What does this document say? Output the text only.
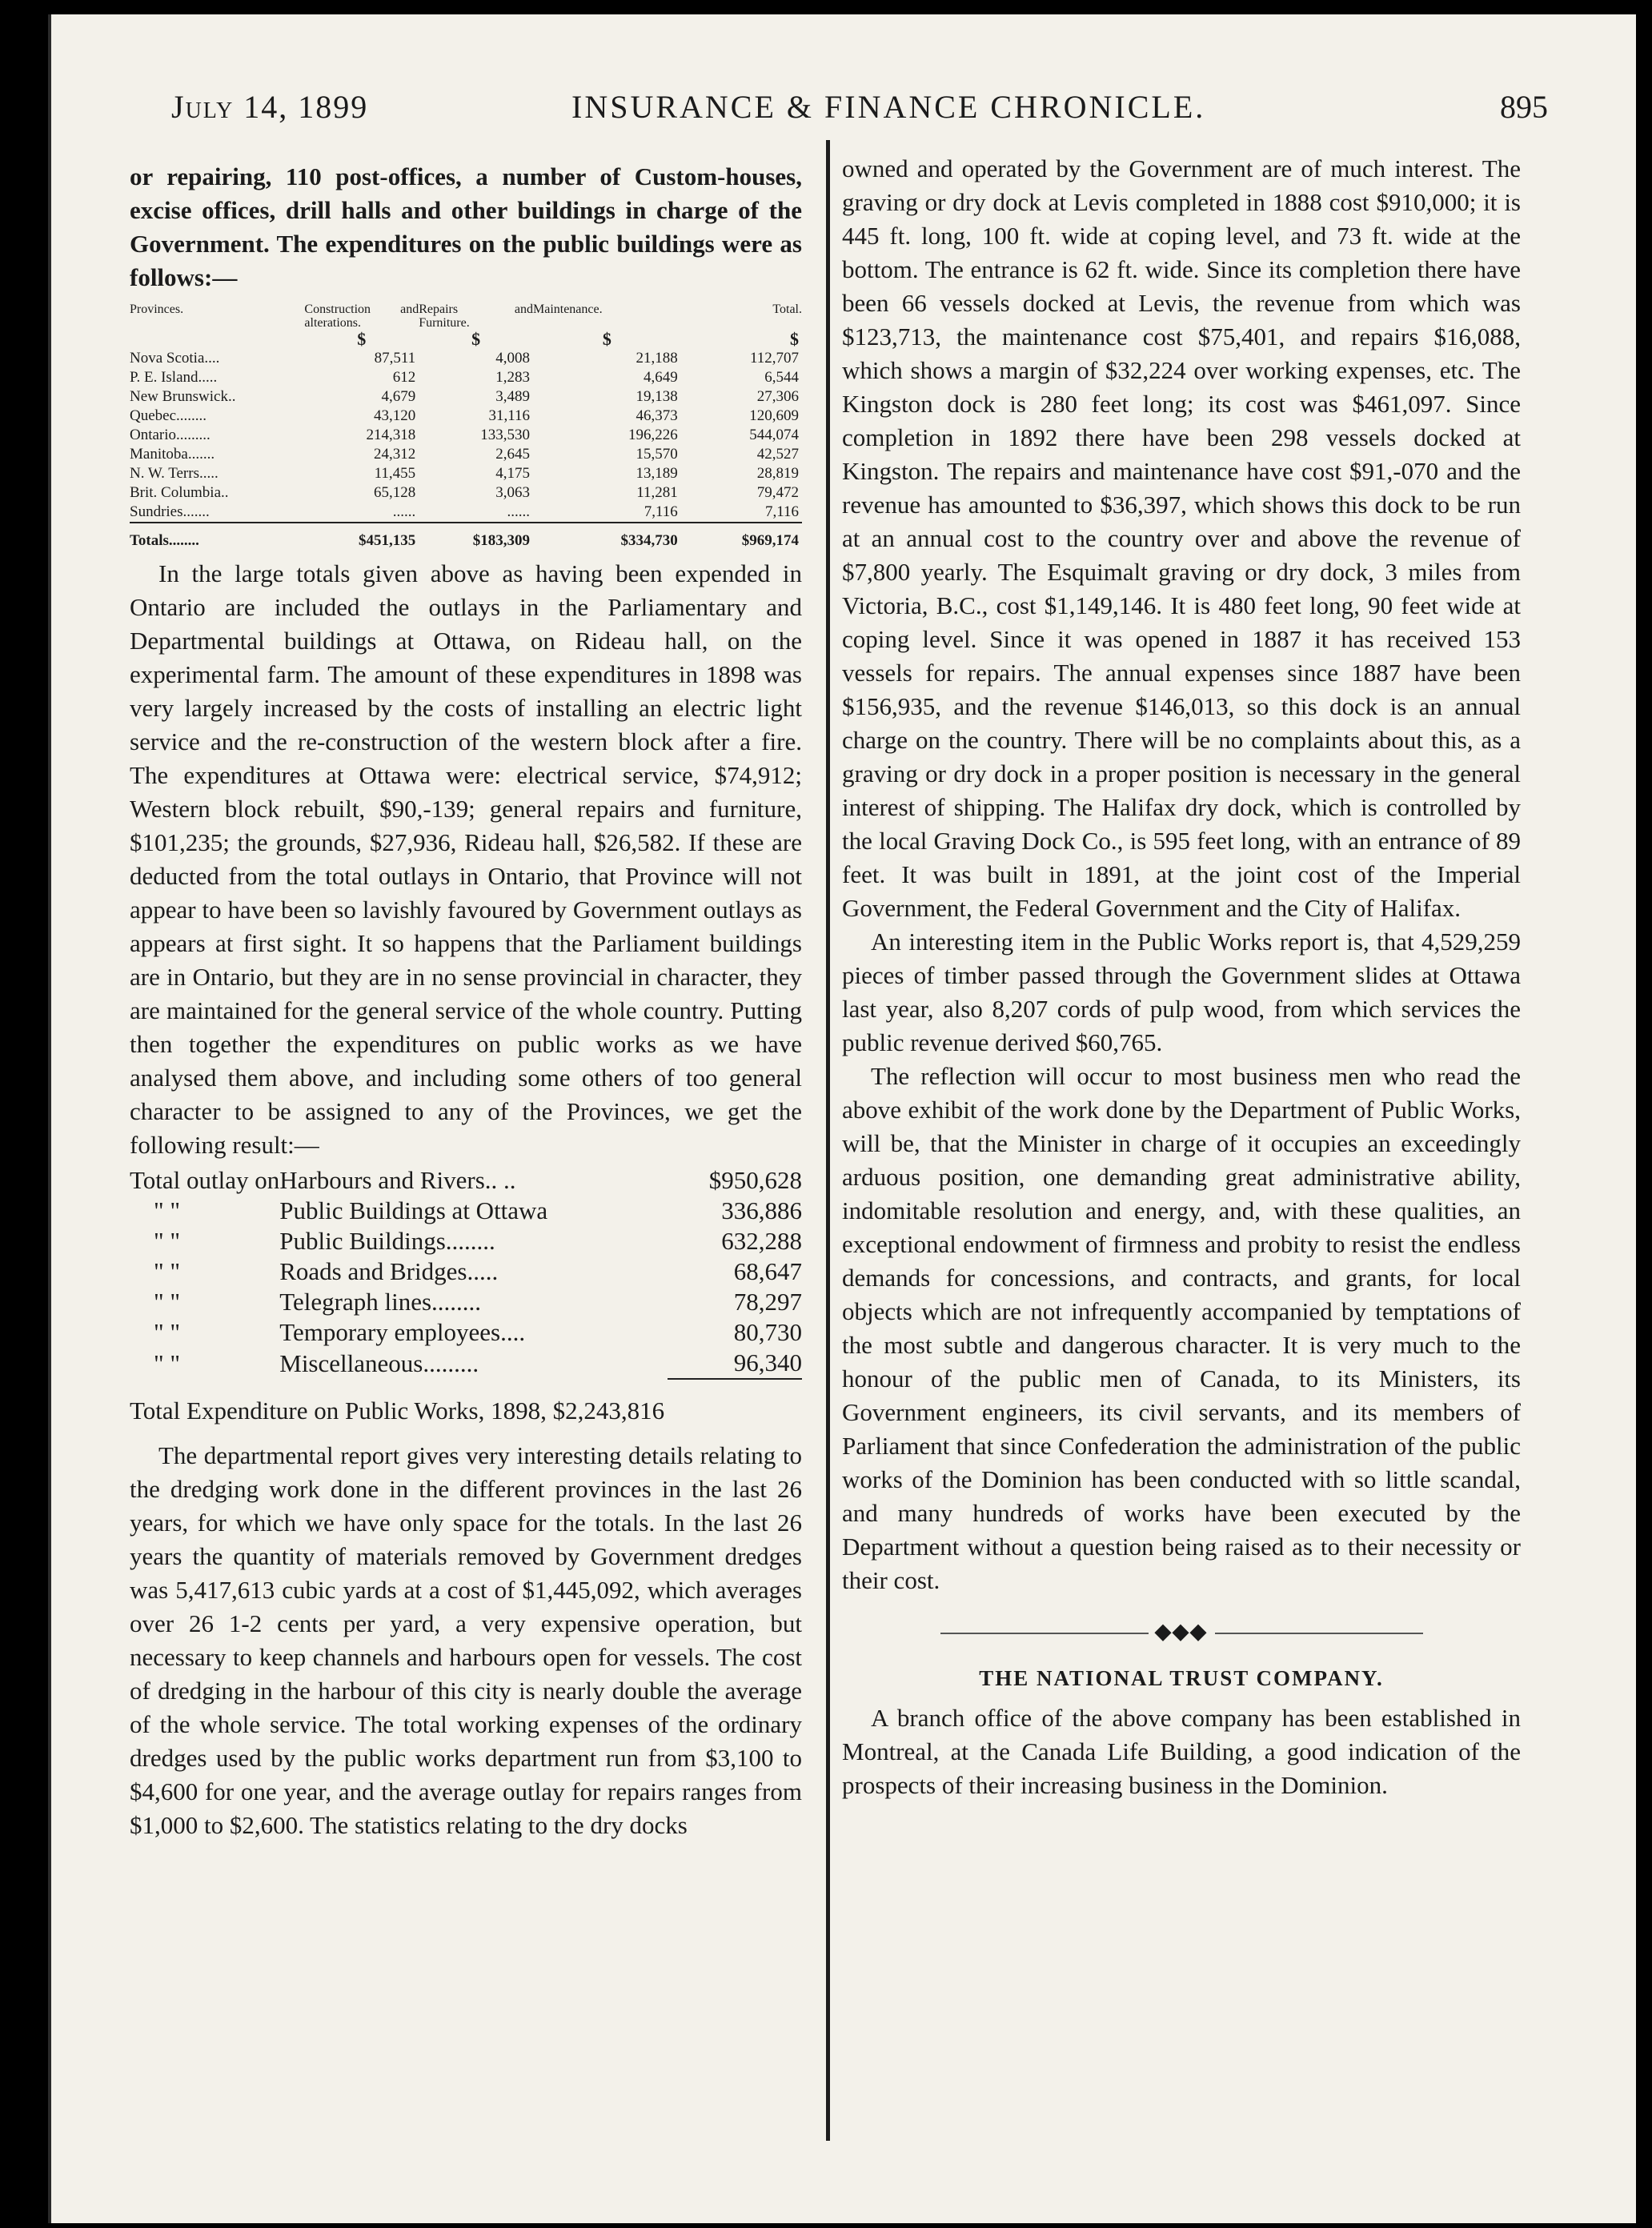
July 14, 1899	INSURANCE & FINANCE CHRONICLE.	895

or repairing, 110 post-offices, a number of Custom-houses, excise offices, drill halls and other buildings in charge of the Government. The expenditures on the public buildings were as follows:—

Provinces.	Construction and alterations.	Repairs and Furniture.	Maintenance.	Total.
	$	$	$	$
Nova Scotia....	87,511	4,008	21,188	112,707
P. E. Island.....	612	1,283	4,649	6,544
New Brunswick..	4,679	3,489	19,138	27,306
Quebec........	43,120	31,116	46,373	120,609
Ontario.........	214,318	133,530	196,226	544,074
Manitoba.......	24,312	2,645	15,570	42,527
N. W. Terrs.....	11,455	4,175	13,189	28,819
Brit. Columbia..	65,128	3,063	11,281	79,472
Sundries.......	......	......	7,116	7,116
Totals........	$451,135	$183,309	$334,730	$969,174

In the large totals given above as having been expended in Ontario are included the outlays in the Parliamentary and Departmental buildings at Ottawa, on Rideau hall, on the experimental farm. The amount of these expenditures in 1898 was very largely increased by the costs of installing an electric light service and the re-construction of the western block after a fire. The expenditures at Ottawa were: electrical service, $74,912; Western block rebuilt, $90,-139; general repairs and furniture, $101,235; the grounds, $27,936, Rideau hall, $26,582. If these are deducted from the total outlays in Ontario, that Province will not appear to have been so lavishly favoured by Government outlays as appears at first sight. It so happens that the Parliament buildings are in Ontario, but they are in no sense provincial in character, they are maintained for the general service of the whole country. Putting then together the expenditures on public works as we have analysed them above, and including some others of too general character to be assigned to any of the Provinces, we get the following result:—

Total outlay on	Harbours and Rivers.. ..	$950,628
" "	Public Buildings at Ottawa	336,886
" "	Public Buildings........	632,288
" "	Roads and Bridges.....	68,647
" "	Telegraph lines........	78,297
" "	Temporary employees....	80,730
" "	Miscellaneous.........	96,340

Total Expenditure on Public Works, 1898, $2,243,816

The departmental report gives very interesting details relating to the dredging work done in the different provinces in the last 26 years, for which we have only space for the totals. In the last 26 years the quantity of materials removed by Government dredges was 5,417,613 cubic yards at a cost of $1,445,092, which averages over 26 1-2 cents per yard, a very expensive operation, but necessary to keep channels and harbours open for vessels. The cost of dredging in the harbour of this city is nearly double the average of the whole service. The total working expenses of the ordinary dredges used by the public works department run from $3,100 to $4,600 for one year, and the average outlay for repairs ranges from $1,000 to $2,600. The statistics relating to the dry docks

owned and operated by the Government are of much interest. The graving or dry dock at Levis completed in 1888 cost $910,000; it is 445 ft. long, 100 ft. wide at coping level, and 73 ft. wide at the bottom. The entrance is 62 ft. wide. Since its completion there have been 66 vessels docked at Levis, the revenue from which was $123,713, the maintenance cost $75,401, and repairs $16,088, which shows a margin of $32,224 over working expenses, etc. The Kingston dock is 280 feet long; its cost was $461,097. Since completion in 1892 there have been 298 vessels docked at Kingston. The repairs and maintenance have cost $91,-070 and the revenue has amounted to $36,397, which shows this dock to be run at an annual cost to the country over and above the revenue of $7,800 yearly. The Esquimalt graving or dry dock, 3 miles from Victoria, B.C., cost $1,149,146. It is 480 feet long, 90 feet wide at coping level. Since it was opened in 1887 it has received 153 vessels for repairs. The annual expenses since 1887 have been $156,935, and the revenue $146,013, so this dock is an annual charge on the country. There will be no complaints about this, as a graving or dry dock in a proper position is necessary in the general interest of shipping. The Halifax dry dock, which is controlled by the local Graving Dock Co., is 595 feet long, with an entrance of 89 feet. It was built in 1891, at the joint cost of the Imperial Government, the Federal Government and the City of Halifax.

An interesting item in the Public Works report is, that 4,529,259 pieces of timber passed through the Government slides at Ottawa last year, also 8,207 cords of pulp wood, from which services the public revenue derived $60,765.

The reflection will occur to most business men who read the above exhibit of the work done by the Department of Public Works, will be, that the Minister in charge of it occupies an exceedingly arduous position, one demanding great administrative ability, indomitable resolution and energy, and, with these qualities, an exceptional endowment of firmness and probity to resist the endless demands for concessions, and contracts, and grants, for local objects which are not infrequently accompanied by temptations of the most subtle and dangerous character. It is very much to the honour of the public men of Canada, to its Ministers, its Government engineers, its civil servants, and its members of Parliament that since Confederation the administration of the public works of the Dominion has been conducted with so little scandal, and many hundreds of works have been executed by the Department without a question being raised as to their necessity or their cost.

◆◆◆
THE NATIONAL TRUST COMPANY.

A branch office of the above company has been established in Montreal, at the Canada Life Building, a good indication of the prospects of their increasing business in the Dominion.
